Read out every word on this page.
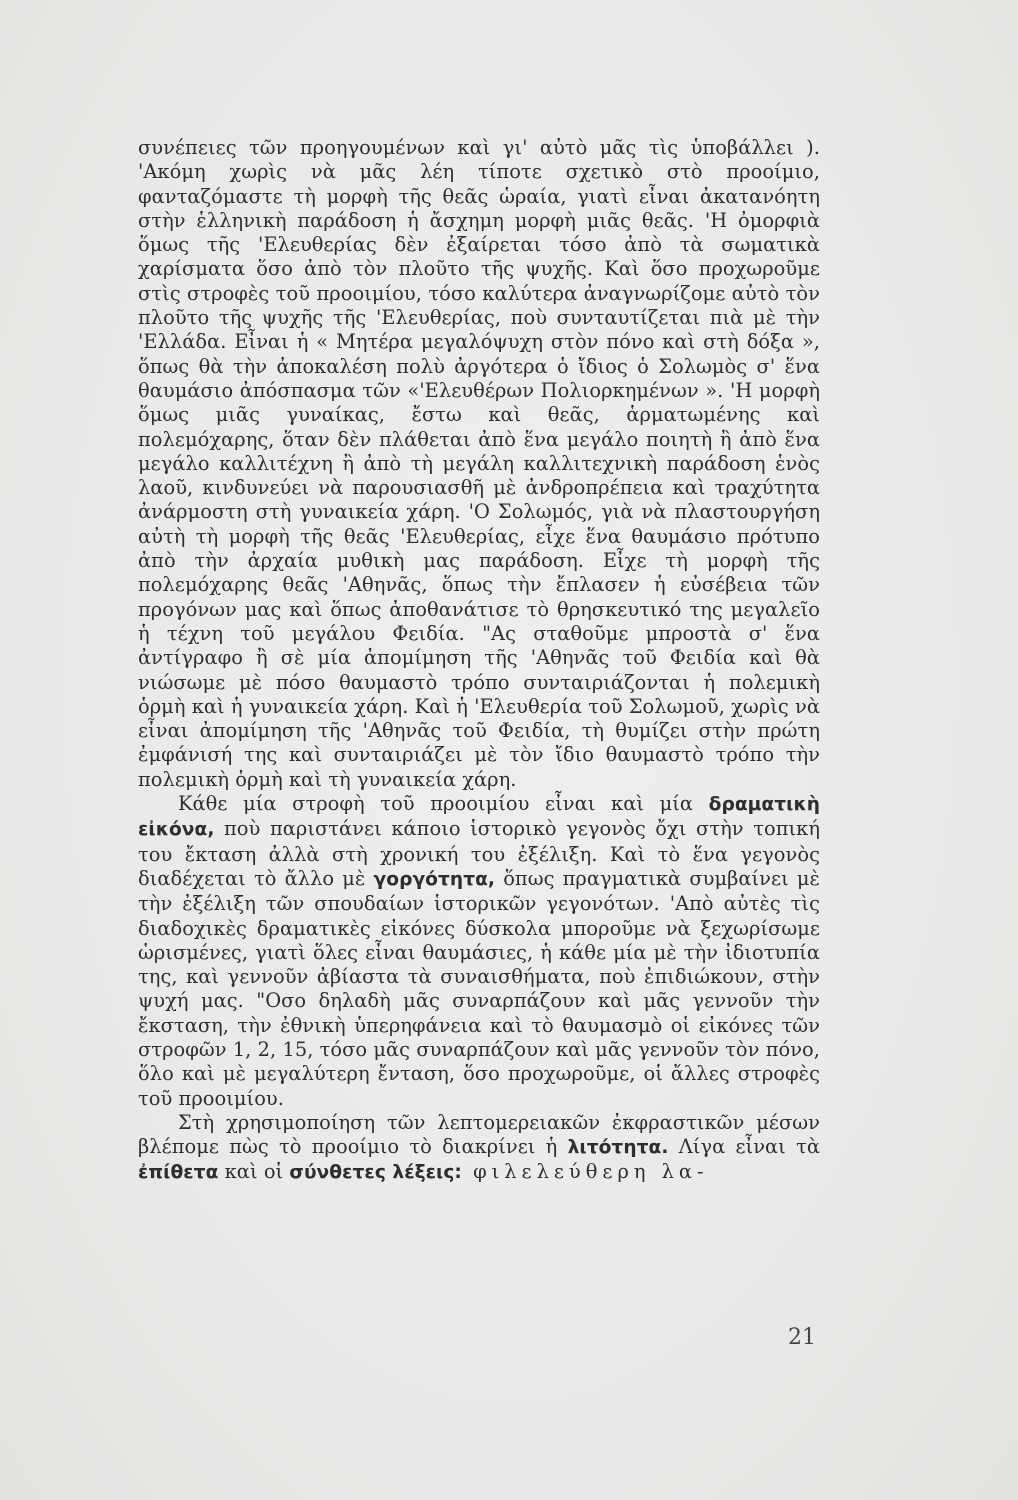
συνέπειες τῶν προηγουμένων καὶ γι' αὐτὸ μᾶς τὶς ὑποβάλλει ). 'Ακόμη χωρὶς νὰ μᾶς λέη τίποτε σχετικὸ στὸ προοίμιο, φανταζόμαστε τὴ μορφὴ τῆς θεᾶς ὡραία, γιατὶ εἶναι ἀκατανόητη στὴν ἑλληνικὴ παράδοση ἡ ἄσχημη μορφὴ μιᾶς θεᾶς. 'Η ὀμορφιὰ ὅμως τῆς 'Ελευθερίας δὲν ἐξαίρεται τόσο ἀπὸ τὰ σωματικὰ χαρίσματα ὅσο ἀπὸ τὸν πλοῦτο τῆς ψυχῆς. Καὶ ὅσο προχωροῦμε στὶς στροφὲς τοῦ προοιμίου, τόσο καλύτερα ἀναγνωρίζομε αὐτὸ τὸν πλοῦτο τῆς ψυχῆς τῆς 'Ελευθερίας, ποὺ συνταυτίζεται πιὰ μὲ τὴν 'Ελλάδα. Εἶναι ἡ « Μητέρα μεγαλόψυχη στὸν πόνο καὶ στὴ δόξα », ὅπως θὰ τὴν ἀποκαλέση πολὺ ἀργότερα ὁ ἴδιος ὁ Σολωμὸς σ' ἕνα θαυμάσιο ἀπόσπασμα τῶν «'Ελευθέρων Πολιορκημένων ». 'Η μορφὴ ὅμως μιᾶς γυναίκας, ἔστω καὶ θεᾶς, ἁρματωμένης καὶ πολεμόχαρης, ὅταν δὲν πλάθεται ἀπὸ ἕνα μεγάλο ποιητὴ ἢ ἀπὸ ἕνα μεγάλο καλλιτέχνη ἢ ἀπὸ τὴ μεγάλη καλλιτεχνικὴ παράδοση ἑνὸς λαοῦ, κινδυνεύει νὰ παρουσιασθῆ μὲ ἀνδροπρέπεια καὶ τραχύτητα ἀνάρμοστη στὴ γυναικεία χάρη. 'Ο Σολωμός, γιὰ νὰ πλαστουργήση αὐτὴ τὴ μορφὴ τῆς θεᾶς 'Ελευθερίας, εἶχε ἕνα θαυμάσιο πρότυπο ἀπὸ τὴν ἀρχαία μυθικὴ μας παράδοση. Εἶχε τὴ μορφὴ τῆς πολεμόχαρης θεᾶς 'Αθηνᾶς, ὅπως τὴν ἔπλασεν ἡ εὐσέβεια τῶν προγόνων μας καὶ ὅπως ἀποθανάτισε τὸ θρησκευτικό της μεγαλεῖο ἡ τέχνη τοῦ μεγάλου Φειδία. "Ας σταθοῦμε μπροστὰ σ' ἕνα ἀντίγραφο ἢ σὲ μία ἀπομίμηση τῆς 'Αθηνᾶς τοῦ Φειδία καὶ θὰ νιώσωμε μὲ πόσο θαυμαστὸ τρόπο συνταιριάζονται ἡ πολεμικὴ ὁρμὴ καὶ ἡ γυναικεία χάρη. Καὶ ἡ 'Ελευθερία τοῦ Σολωμοῦ, χωρὶς νὰ εἶναι ἀπομίμηση τῆς 'Αθηνᾶς τοῦ Φειδία, τὴ θυμίζει στὴν πρώτη ἐμφάνισή της καὶ συνταιριάζει μὲ τὸν ἴδιο θαυμαστὸ τρόπο τὴν πολεμικὴ ὁρμὴ καὶ τὴ γυναικεία χάρη.

Κάθε μία στροφὴ τοῦ προοιμίου εἶναι καὶ μία δραματικὴ εἰκόνα, ποὺ παριστάνει κάποιο ἱστορικὸ γεγονὸς ὄχι στὴν τοπική του ἔκταση ἀλλὰ στὴ χρονική του ἐξέλιξη. Καὶ τὸ ἕνα γεγονὸς διαδέχεται τὸ ἄλλο μὲ γοργότητα, ὅπως πραγματικὰ συμβαίνει μὲ τὴν ἐξέλιξη τῶν σπουδαίων ἱστορικῶν γεγονότων. 'Απὸ αὐτὲς τὶς διαδοχικὲς δραματικὲς εἰκόνες δύσκολα μποροῦμε νὰ ξεχωρίσωμε ὡρισμένες, γιατὶ ὅλες εἶναι θαυμάσιες, ἡ κάθε μία μὲ τὴν ἰδιοτυπία της, καὶ γεννοῦν ἀβίαστα τὰ συναισθήματα, ποὺ ἐπιδιώκουν, στὴν ψυχή μας. "Οσο δηλαδὴ μᾶς συναρπάζουν καὶ μᾶς γεννοῦν τὴν ἔκσταση, τὴν ἐθνικὴ ὑπερηφάνεια καὶ τὸ θαυμασμὸ οἱ εἰκόνες τῶν στροφῶν 1, 2, 15, τόσο μᾶς συναρπάζουν καὶ μᾶς γεννοῦν τὸν πόνο, ὅλο καὶ μὲ μεγαλύτερη ἔνταση, ὅσο προχωροῦμε, οἱ ἄλλες στροφὲς τοῦ προοιμίου.

Στὴ χρησιμοποίηση τῶν λεπτομερειακῶν ἐκφραστικῶν μέσων βλέπομε πὼς τὸ προοίμιο τὸ διακρίνει ἡ λιτότητα. Λίγα εἶναι τὰ ἐπίθετα καὶ οἱ σύνθετες λέξεις: φιλελεύθερη λα-

21
